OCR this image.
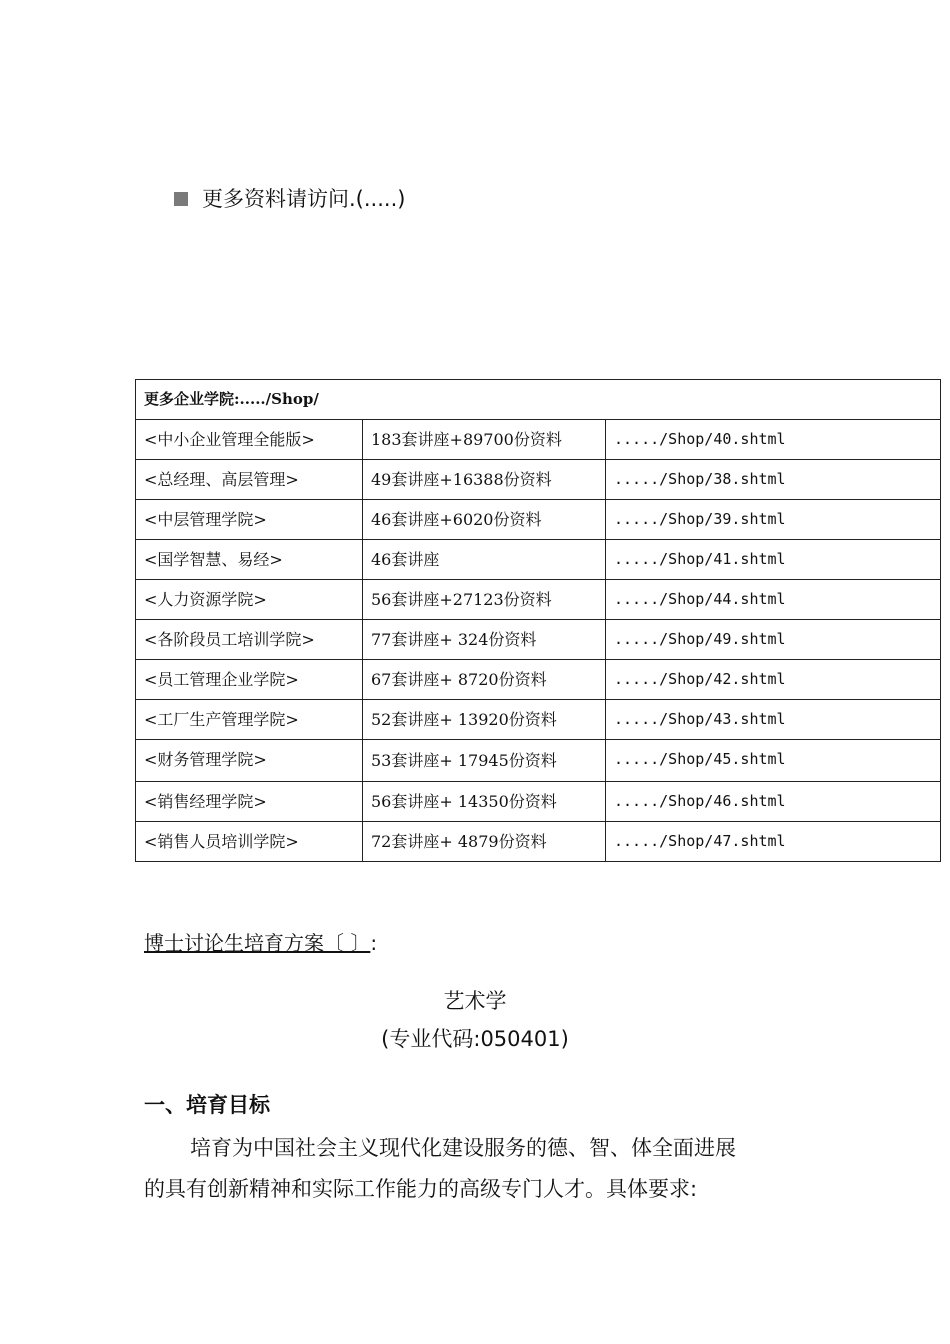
更多资料请访问.(.....)
更多企业学院:...../Shop/		
<中小企业管理全能版>	183套讲座+89700份资料	...../Shop/40.shtml
<总经理、高层管理>	49套讲座+16388份资料	...../Shop/38.shtml
<中层管理学院>	46套讲座+6020份资料	...../Shop/39.shtml
<国学智慧、易经>	46套讲座	...../Shop/41.shtml
<人力资源学院>	56套讲座+27123份资料	...../Shop/44.shtml
<各阶段员工培训学院>	77套讲座+ 324份资料	...../Shop/49.shtml
<员工管理企业学院>	67套讲座+ 8720份资料	...../Shop/42.shtml
<工厂生产管理学院>	52套讲座+ 13920份资料	...../Shop/43.shtml
<财务管理学院>	53套讲座+ 17945份资料	...../Shop/45.shtml
<销售经理学院>	56套讲座+ 14350份资料	...../Shop/46.shtml
<销售人员培训学院>	72套讲座+ 4879份资料	...../Shop/47.shtml
博士讨论生培育方案〔 〕:
艺术学
(专业代码:050401)
一、培育目标
培育为中国社会主义现代化建设服务的德、智、体全面进展
的具有创新精神和实际工作能力的高级专门人才。具体要求:
